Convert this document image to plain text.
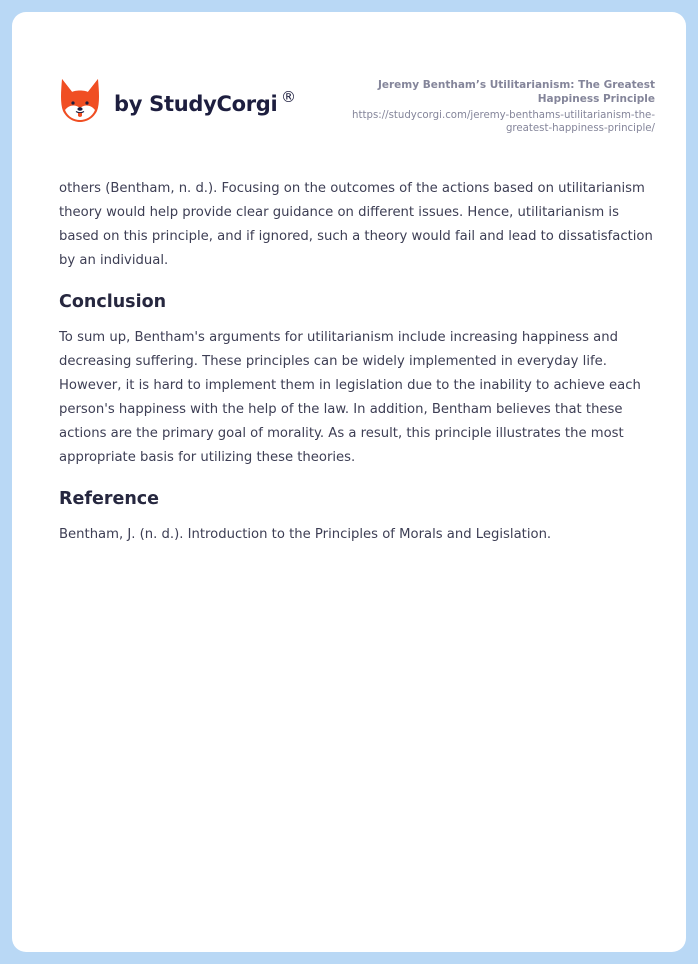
by StudyCorgi ®
Jeremy Bentham’s Utilitarianism: The Greatest Happiness Principle
https://studycorgi.com/jeremy-benthams-utilitarianism-the-greatest-happiness-principle/

others (Bentham, n. d.). Focusing on the outcomes of the actions based on utilitarianism theory would help provide clear guidance on different issues. Hence, utilitarianism is based on this principle, and if ignored, such a theory would fail and lead to dissatisfaction by an individual.

Conclusion

To sum up, Bentham's arguments for utilitarianism include increasing happiness and decreasing suffering. These principles can be widely implemented in everyday life. However, it is hard to implement them in legislation due to the inability to achieve each person's happiness with the help of the law. In addition, Bentham believes that these actions are the primary goal of morality. As a result, this principle illustrates the most appropriate basis for utilizing these theories.

Reference

Bentham, J. (n. d.). Introduction to the Principles of Morals and Legislation.
